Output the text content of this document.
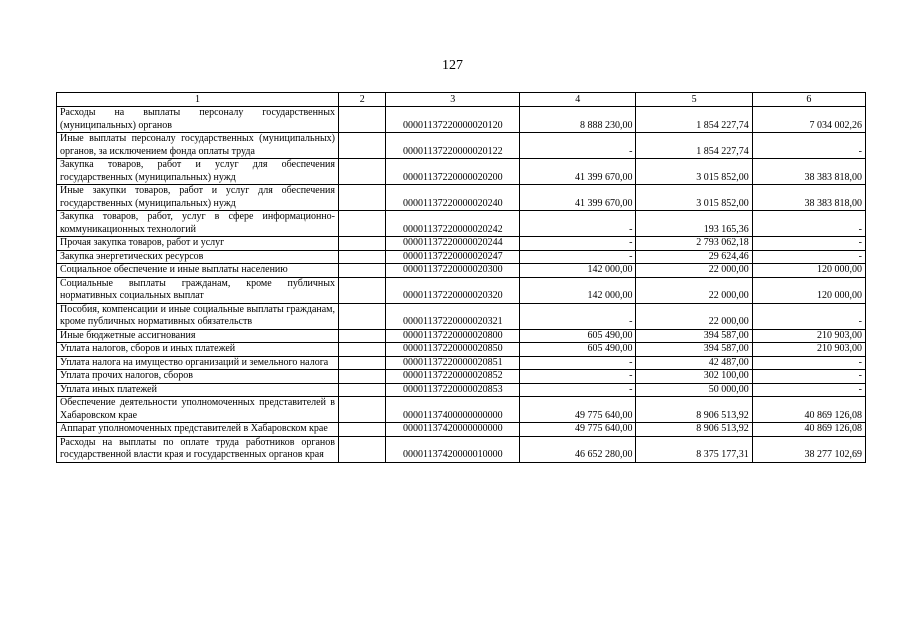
127
1	2	3	4	5	6
Расходы на выплаты персоналу государственных (муниципальных) органов		00001137220000020120	8 888 230,00	1 854 227,74	7 034 002,26
Иные выплаты персоналу государственных (муниципальных) органов, за исключением фонда оплаты труда		00001137220000020122	-	1 854 227,74	-
Закупка товаров, работ и услуг для обеспечения государственных (муниципальных) нужд		00001137220000020200	41 399 670,00	3 015 852,00	38 383 818,00
Иные закупки товаров, работ и услуг для обеспечения государственных (муниципальных) нужд		00001137220000020240	41 399 670,00	3 015 852,00	38 383 818,00
Закупка товаров, работ, услуг в сфере информационно-коммуникационных технологий		00001137220000020242	-	193 165,36	-
Прочая закупка товаров, работ и услуг		00001137220000020244	-	2 793 062,18	-
Закупка энергетических ресурсов		00001137220000020247	-	29 624,46	-
Социальное обеспечение и иные выплаты населению		00001137220000020300	142 000,00	22 000,00	120 000,00
Социальные выплаты гражданам, кроме публичных нормативных социальных выплат		00001137220000020320	142 000,00	22 000,00	120 000,00
Пособия, компенсации и иные социальные выплаты гражданам, кроме публичных нормативных обязательств		00001137220000020321	-	22 000,00	-
Иные бюджетные ассигнования		00001137220000020800	605 490,00	394 587,00	210 903,00
Уплата налогов, сборов и иных платежей		00001137220000020850	605 490,00	394 587,00	210 903,00
Уплата налога на имущество организаций и земельного налога		00001137220000020851	-	42 487,00	-
Уплата прочих налогов, сборов		00001137220000020852	-	302 100,00	-
Уплата иных платежей		00001137220000020853	-	50 000,00	-
Обеспечение деятельности уполномоченных представителей в Хабаровском крае		00001137400000000000	49 775 640,00	8 906 513,92	40 869 126,08
Аппарат уполномоченных представителей в Хабаровском крае		00001137420000000000	49 775 640,00	8 906 513,92	40 869 126,08
Расходы на выплаты по оплате труда работников органов государственной власти края и государственных органов края		00001137420000010000	46 652 280,00	8 375 177,31	38 277 102,69
